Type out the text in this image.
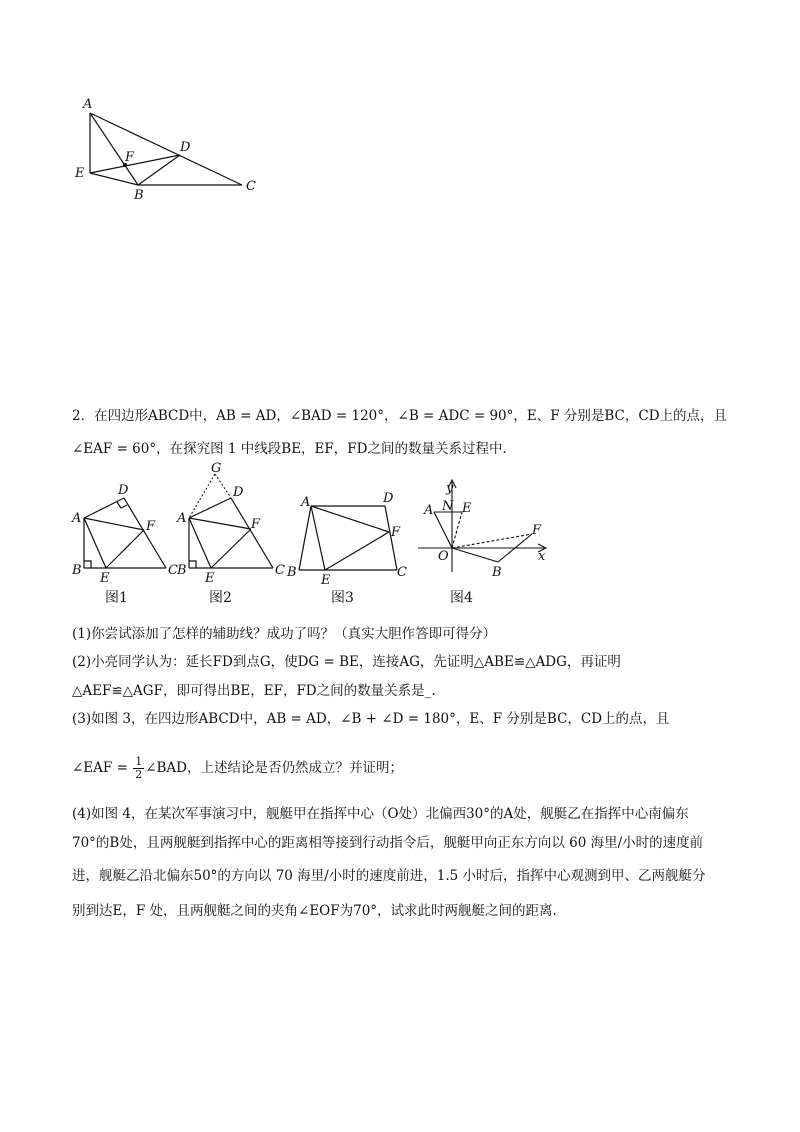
A
D
F
E
B
C
2．在四边形ABCD中，AB = AD，∠BAD = 120°，∠B = ADC = 90°，E、F 分别是BC，CD上的点，且
∠EAF = 60°，在探究图 1 中线段BE，EF，FD之间的数量关系过程中．
A
D
F
B
E
C
图1
G
A
D
F
B
E
C
图2
A	D
F
B
E
C
图3
y
A N E
F
O
B
x
图4
(1)你尝试添加了怎样的辅助线？成功了吗？（真实大胆作答即可得分）
(2)小亮同学认为：延长FD到点G，使DG = BE，连接AG，先证明△ABE≌△ADG，再证明
△AEF≌△AGF，即可得出BE，EF，FD之间的数量关系是_.
(3)如图 3，在四边形ABCD中，AB = AD，∠B + ∠D = 180°，E、F 分别是BC，CD上的点，且
∠EAF = $\frac{1}{2}$ ∠BAD，上述结论是否仍然成立？并证明；
(4)如图 4，在某次军事演习中，舰艇甲在指挥中心（O处）北偏西30°的A处，舰艇乙在指挥中心南偏东
70°的B处，且两舰艇到指挥中心的距离相等接到行动指令后，舰艇甲向正东方向以 60 海里/小时的速度前
进，舰艇乙沿北偏东50°的方向以 70 海里/小时的速度前进，1.5 小时后，指挥中心观测到甲、乙两舰艇分
别到达E，F 处，且两舰艇之间的夹角∠EOF为70°，试求此时两舰艇之间的距离.
